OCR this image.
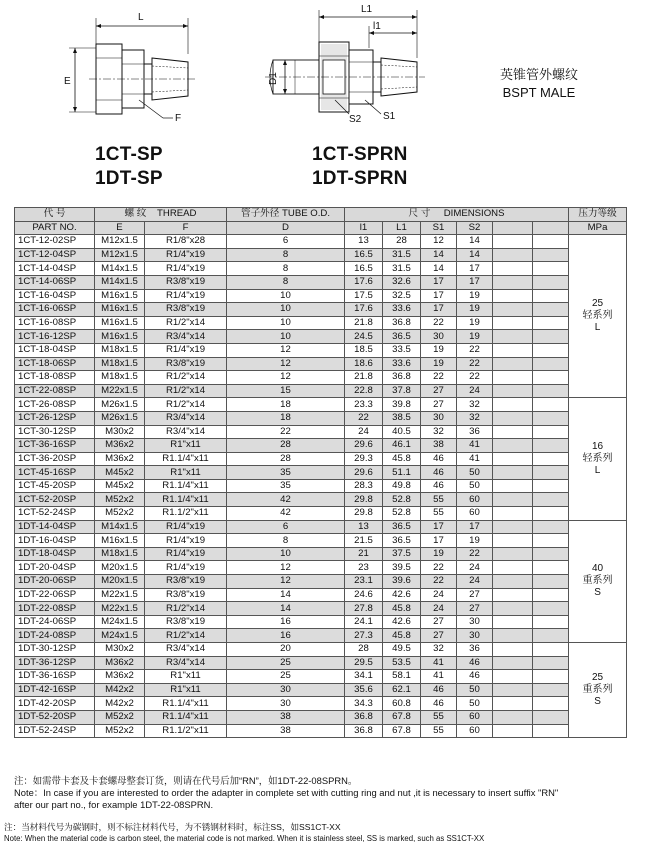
L
E
F
L1
l1
D1
S2 S1
英锥管外螺纹
BSPT MALE
1CT-SP
1DT-SP
1CT-SPRN
1DT-SPRN
代 号	螺 纹 THREAD		管子外径 TUBE O.D.	尺 寸 DIMENSIONS						压力等级
PART NO.	E	F	D	l1	L1	S1	S2			MPa
1CT-12-02SP	M12x1.5	R1/8"x28	6	13	28	12	14			25
轻系列
L

1CT-12-04SP	M12x1.5	R1/4"x19	8	16.5	31.5	14	14			
1CT-14-04SP	M14x1.5	R1/4"x19	8	16.5	31.5	14	17			
1CT-14-06SP	M14x1.5	R3/8"x19	8	17.6	32.6	17	17			
1CT-16-04SP	M16x1.5	R1/4"x19	10	17.5	32.5	17	19			
1CT-16-06SP	M16x1.5	R3/8"x19	10	17.6	33.6	17	19			
1CT-16-08SP	M16x1.5	R1/2"x14	10	21.8	36.8	22	19			
1CT-16-12SP	M16x1.5	R3/4"x14	10	24.5	36.5	30	19			
1CT-18-04SP	M18x1.5	R1/4"x19	12	18.5	33.5	19	22			
1CT-18-06SP	M18x1.5	R3/8"x19	12	18.6	33.6	19	22			
1CT-18-08SP	M18x1.5	R1/2"x14	12	21.8	36.8	22	22			
1CT-22-08SP	M22x1.5	R1/2"x14	15	22.8	37.8	27	24			
1CT-26-08SP	M26x1.5	R1/2"x14	18	23.3	39.8	27	32			16
轻系列
L

1CT-26-12SP	M26x1.5	R3/4"x14	18	22	38.5	30	32			
1CT-30-12SP	M30x2	R3/4"x14	22	24	40.5	32	36			
1CT-36-16SP	M36x2	R1"x11	28	29.6	46.1	38	41			
1CT-36-20SP	M36x2	R1.1/4"x11	28	29.3	45.8	46	41			
1CT-45-16SP	M45x2	R1"x11	35	29.6	51.1	46	50			
1CT-45-20SP	M45x2	R1.1/4"x11	35	28.3	49.8	46	50			
1CT-52-20SP	M52x2	R1.1/4"x11	42	29.8	52.8	55	60			
1CT-52-24SP	M52x2	R1.1/2"x11	42	29.8	52.8	55	60			
1DT-14-04SP	M14x1.5	R1/4"x19	6	13	36.5	17	17			40
重系列
S

1DT-16-04SP	M16x1.5	R1/4"x19	8	21.5	36.5	17	19			
1DT-18-04SP	M18x1.5	R1/4"x19	10	21	37.5	19	22			
1DT-20-04SP	M20x1.5	R1/4"x19	12	23	39.5	22	24			
1DT-20-06SP	M20x1.5	R3/8"x19	12	23.1	39.6	22	24			
1DT-22-06SP	M22x1.5	R3/8"x19	14	24.6	42.6	24	27			
1DT-22-08SP	M22x1.5	R1/2"x14	14	27.8	45.8	24	27			
1DT-24-06SP	M24x1.5	R3/8"x19	16	24.1	42.6	27	30			
1DT-24-08SP	M24x1.5	R1/2"x14	16	27.3	45.8	27	30			
1DT-30-12SP	M30x2	R3/4"x14	20	28	49.5	32	36			25
重系列
S

1DT-36-12SP	M36x2	R3/4"x14	25	29.5	53.5	41	46			
1DT-36-16SP	M36x2	R1"x11	25	34.1	58.1	41	46			
1DT-42-16SP	M42x2	R1"x11	30	35.6	62.1	46	50			
1DT-42-20SP	M42x2	R1.1/4"x11	30	34.3	60.8	46	50			
1DT-52-20SP	M52x2	R1.1/4"x11	38	36.8	67.8	55	60			
1DT-52-24SP	M52x2	R1.1/2"x11	38	36.8	67.8	55	60			
注：如需带卡套及卡套螺母整套订货，则请在代号后加“RN”，如1DT-22-08SPRN。
Note：In case if you are interested to order the adapter in complete set with cutting ring and nut ,it is necessary to insert suffix "RN"
after our part no., for example 1DT-22-08SPRN.
注：当材料代号为碳钢时，则不标注材料代号，为不锈钢材料时，标注SS，如SS1CT-XX
Note: When the material code is carbon steel, the material code is not marked. When it is stainless steel, SS is marked, such as SS1CT-XX
